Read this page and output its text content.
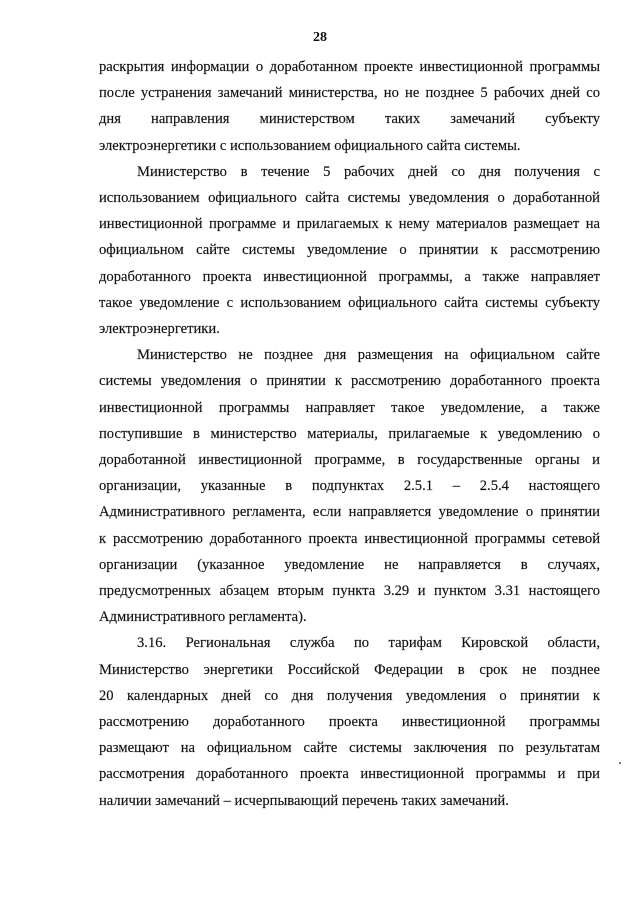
28
раскрытия информации о доработанном проекте инвестиционной программы
после устранения замечаний министерства, но не позднее 5 рабочих дней со
дня направления министерством таких замечаний субъекту
электроэнергетики с использованием официального сайта системы.
Министерство в течение 5 рабочих дней со дня получения с
использованием официального сайта системы уведомления о доработанной
инвестиционной программе и прилагаемых к нему материалов размещает на
официальном сайте системы уведомление о принятии к рассмотрению
доработанного проекта инвестиционной программы, а также направляет
такое уведомление с использованием официального сайта системы субъекту
электроэнергетики.
Министерство не позднее дня размещения на официальном сайте
системы уведомления о принятии к рассмотрению доработанного проекта
инвестиционной программы направляет такое уведомление, а также
поступившие в министерство материалы, прилагаемые к уведомлению о
доработанной инвестиционной программе, в государственные органы и
организации, указанные в подпунктах 2.5.1 – 2.5.4 настоящего
Административного регламента, если направляется уведомление о принятии
к рассмотрению доработанного проекта инвестиционной программы сетевой
организации (указанное уведомление не направляется в случаях,
предусмотренных абзацем вторым пункта 3.29 и пунктом 3.31 настоящего
Административного регламента).
3.16. Региональная служба по тарифам Кировской области,
Министерство энергетики Российской Федерации в срок не позднее
20 календарных дней со дня получения уведомления о принятии к
рассмотрению доработанного проекта инвестиционной программы
размещают на официальном сайте системы заключения по результатам
рассмотрения доработанного проекта инвестиционной программы и при
наличии замечаний – исчерпывающий перечень таких замечаний.
